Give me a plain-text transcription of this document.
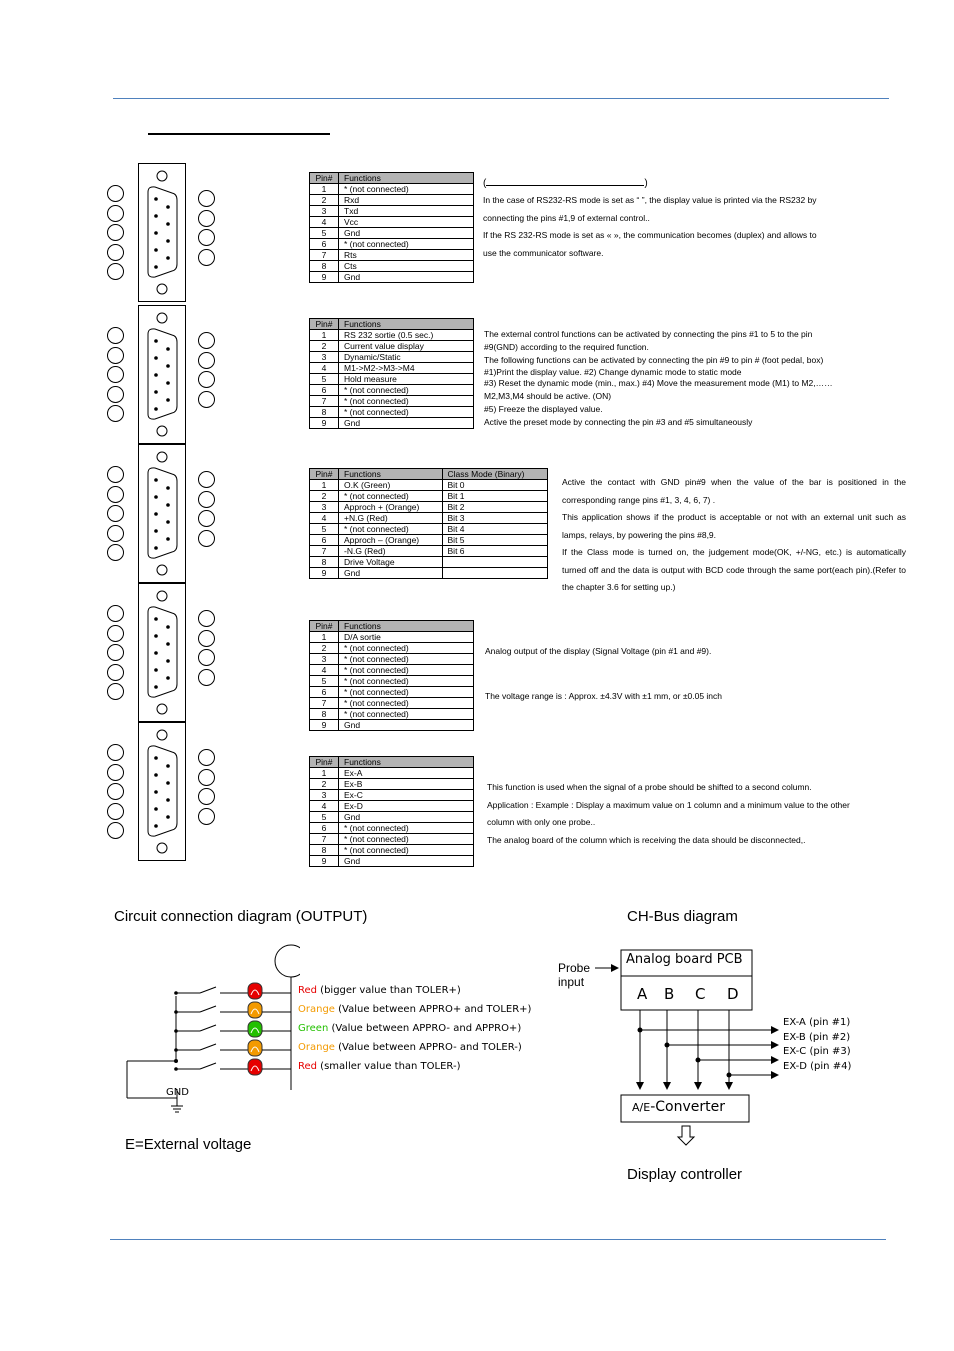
Pin#	Functions
1	* (not connected)
2	Rxd
3	Txd
4	Vcc
5	Gnd
6	* (not connected)
7	Rts
8	Cts
9	Gnd
Pin#	Functions
1	RS 232 sortie (0.5 sec.)
2	Current value display
3	Dynamic/Static
4	M1->M2->M3->M4
5	Hold measure
6	* (not connected)
7	* (not connected)
8	* (not connected)
9	Gnd
Pin#	Functions	Class Mode (Binary)
1	O.K (Green)	Bit 0
2	* (not connected)	Bit 1
3	Approch + (Orange)	Bit 2
4	+N.G (Red)	Bit 3
5	* (not connected)	Bit 4
6	Approch – (Orange)	Bit 5
7	-N.G (Red)	Bit 6
8	Drive Voltage	
9	Gnd	
Pin#	Functions
1	D/A sortie
2	* (not connected)
3	* (not connected)
4	* (not connected)
5	* (not connected)
6	* (not connected)
7	* (not connected)
8	* (not connected)
9	Gnd
Pin#	Functions
1	Ex-A
2	Ex-B
3	Ex-C
4	Ex-D
5	Gnd
6	* (not connected)
7	* (not connected)
8	* (not connected)
9	Gnd
(	)

In the case of RS232-RS mode is set as “ ”, the display value is printed via the RS232 by

connecting the pins #1,9 of external control..

If the RS 232-RS mode is set as « », the communication becomes (duplex) and allows to

use the communicator software.

The external control functions can be activated by connecting the pins #1 to 5 to the pin

#9(GND) according to the required function.

The following functions can be activated by connecting the pin #9 to pin # (foot pedal, box)

#1)Print the display value. #2) Change dynamic mode to static mode

#3) Reset the dynamic mode (min., max.) #4) Move the measurement mode (M1) to M2,……

M2,M3,M4 should be active. (ON)

#5) Freeze the displayed value.

Active the preset mode by connecting the pin #3 and #5 simultaneously

Active the contact with GND pin#9 when the value of the bar is positioned in the corresponding range pins #1, 3, 4, 6, 7) .

This application shows if the product is acceptable or not with an external unit such as lamps, relays, by powering the pins #8,9.

If the Class mode is turned on, the judgement mode(OK, +/-NG, etc.) is automatically turned off and the data is output with BCD code through the same port(each pin).(Refer to the chapter 3.6 for setting up.)

Analog output of the display (Signal Voltage (pin #1 and #9).

The voltage range is : Approx. ±4.3V with ±1 mm, or ±0.05 inch

This function is used when the signal of a probe should be shifted to a second column.

Application : Example : Display a maximum value on 1 column and a minimum value to the other

column with only one probe..

The analog board of the column which is receiving the data should be disconnected,.

Circuit connection diagram (OUTPUT)
GND
Red (bigger value than TOLER+)
Orange (Value between APPRO+ and TOLER+)
Green (Value between APPRO- and APPRO+)
Orange (Value between APPRO- and TOLER-)
Red (smaller value than TOLER-)
E=External voltage
CH-Bus diagram
Probe
input
Analog board PCB
A B C D
EX-A (pin #1)
EX-B (pin #2)
EX-C (pin #3)
EX-D (pin #4)
A/E-Converter
Display controller
